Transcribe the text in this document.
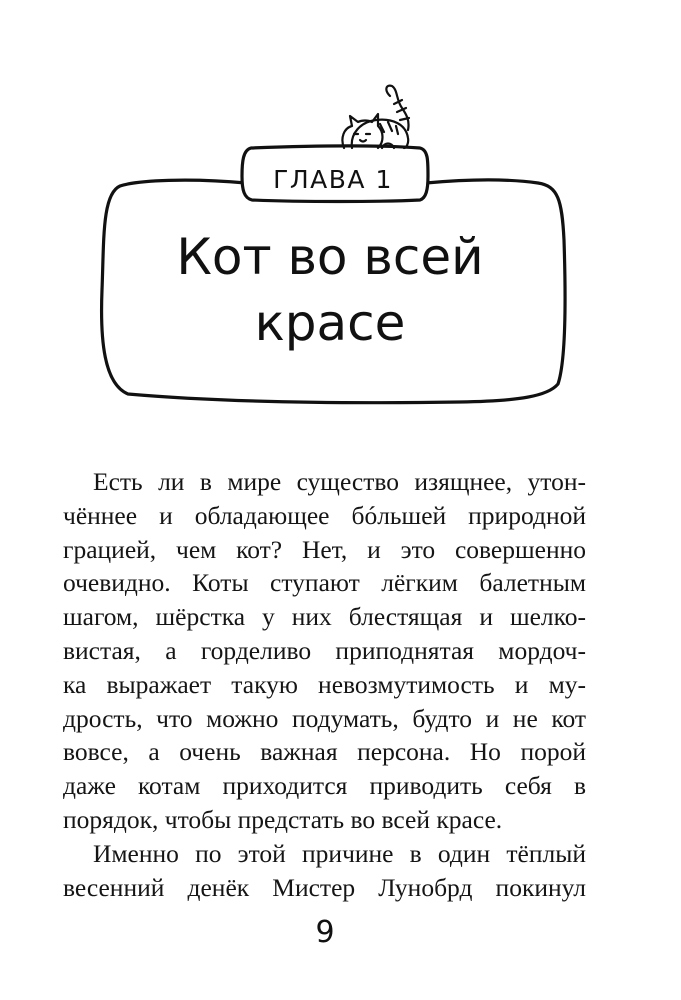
ГЛАВА 1
Кот во всей
красе
Есть ли в мире существо изящнее, утон-
чённее и обладающее бóльшей природной
грацией, чем кот? Нет, и это совершенно
очевидно. Коты ступают лёгким балетным
шагом, шёрстка у них блестящая и шелко-
вистая, а горделиво приподнятая мордоч-
ка выражает такую невозмутимость и му-
дрость, что можно подумать, будто и не кот
вовсе, а очень важная персона. Но порой
даже котам приходится приводить себя в
порядок, чтобы предстать во всей красе.
Именно по этой причине в один тёплый
весенний денёк Мистер Лунобрд покинул
9
